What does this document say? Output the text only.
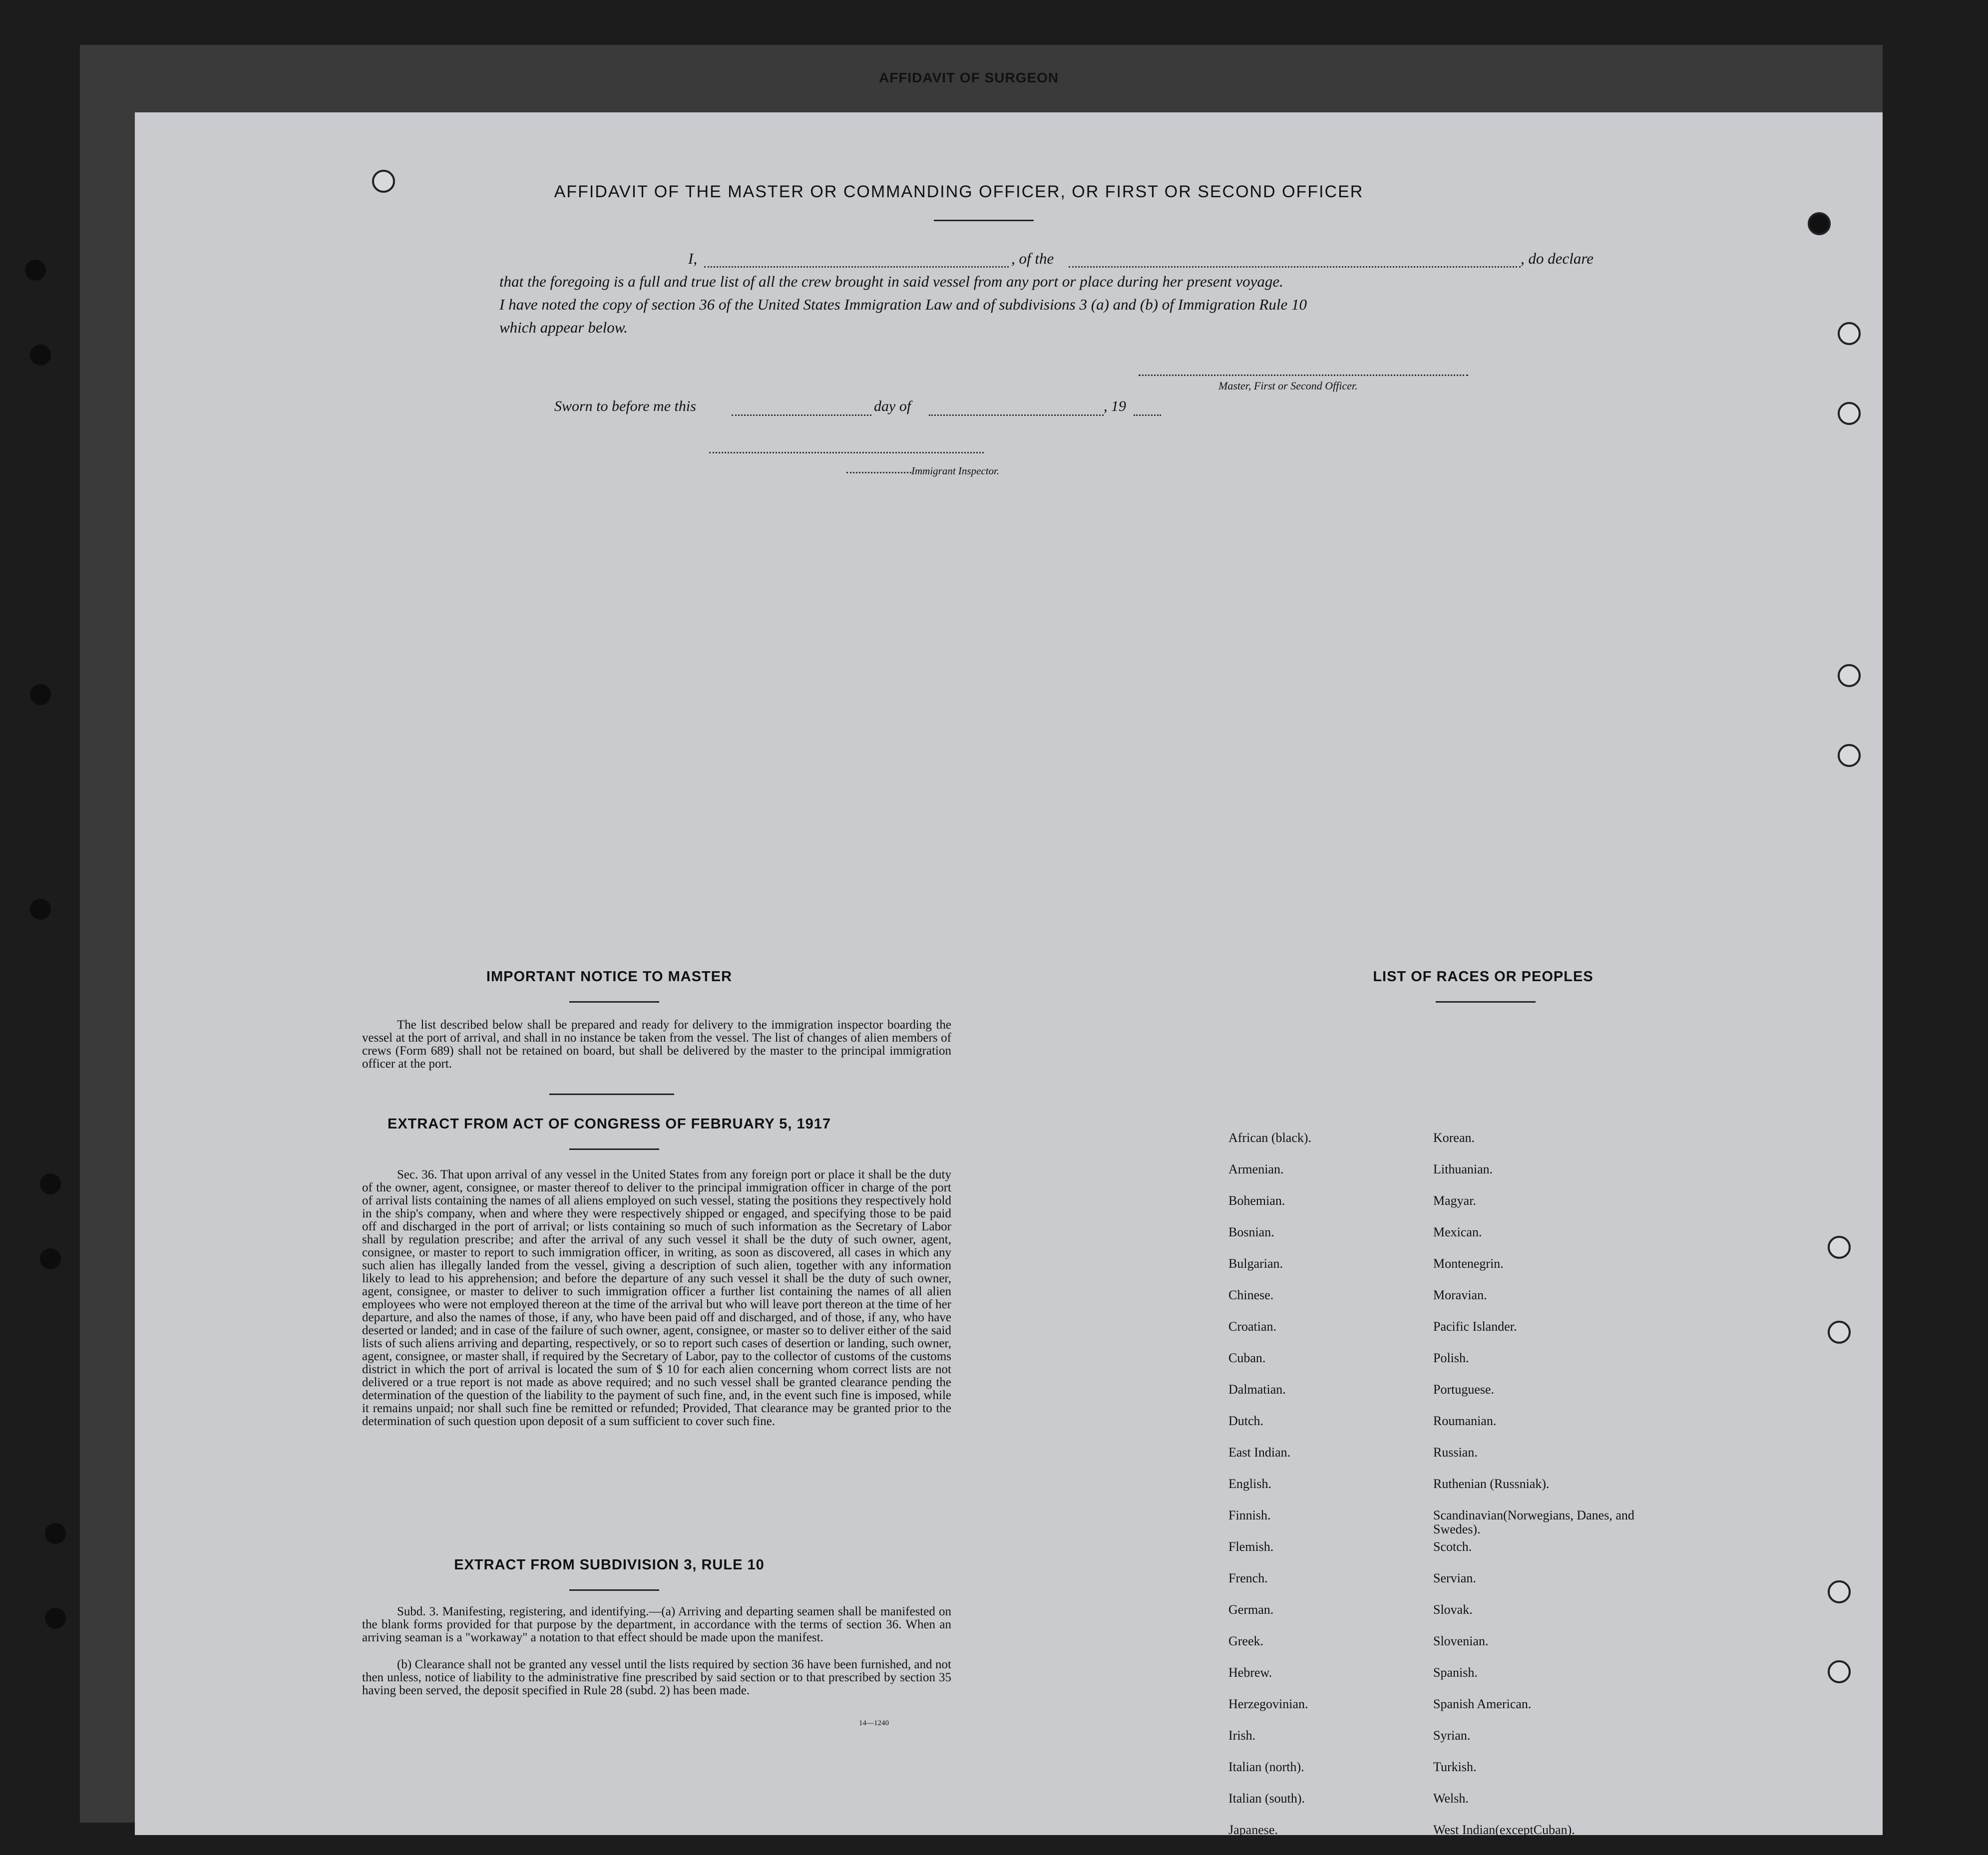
AFFIDAVIT OF SURGEON
AFFIDAVIT OF THE MASTER OR COMMANDING OFFICER, OR FIRST OR SECOND OFFICER
I,	, of the	, do declare
that the foregoing is a full and true list of all the crew brought in said vessel from any port or place during her present voyage.
I have noted the copy of section 36 of the United States Immigration Law and of subdivisions 3 (a) and (b) of Immigration Rule 10
which appear below.
Master, First or Second Officer.
Sworn to before me this	day of	, 19
Immigrant Inspector.
IMPORTANT NOTICE TO MASTER
The list described below shall be prepared and ready for delivery to the immigration inspector boarding the vessel at the port of arrival, and shall in no instance be taken from the vessel. The list of changes of alien members of crews (Form 689) shall not be retained on board, but shall be delivered by the master to the principal immigration officer at the port.
EXTRACT FROM ACT OF CONGRESS OF FEBRUARY 5, 1917
Sec. 36. That upon arrival of any vessel in the United States from any foreign port or place it shall be the duty of the owner, agent, consignee, or master thereof to deliver to the principal immigration officer in charge of the port of arrival lists containing the names of all aliens employed on such vessel, stating the positions they respectively hold in the ship's company, when and where they were respectively shipped or engaged, and specifying those to be paid off and discharged in the port of arrival; or lists containing so much of such information as the Secretary of Labor shall by regulation prescribe; and after the arrival of any such vessel it shall be the duty of such owner, agent, consignee, or master to report to such immigration officer, in writing, as soon as discovered, all cases in which any such alien has illegally landed from the vessel, giving a description of such alien, together with any information likely to lead to his apprehension; and before the departure of any such vessel it shall be the duty of such owner, agent, consignee, or master to deliver to such immigration officer a further list containing the names of all alien employees who were not employed thereon at the time of the arrival but who will leave port thereon at the time of her departure, and also the names of those, if any, who have been paid off and discharged, and of those, if any, who have deserted or landed; and in case of the failure of such owner, agent, consignee, or master so to deliver either of the said lists of such aliens arriving and departing, respectively, or so to report such cases of desertion or landing, such owner, agent, consignee, or master shall, if required by the Secretary of Labor, pay to the collector of customs of the customs district in which the port of arrival is located the sum of $ 10 for each alien concerning whom correct lists are not delivered or a true report is not made as above required; and no such vessel shall be granted clearance pending the determination of the question of the liability to the payment of such fine, and, in the event such fine is imposed, while it remains unpaid; nor shall such fine be remitted or refunded; Provided, That clearance may be granted prior to the determination of such question upon deposit of a sum sufficient to cover such fine.
EXTRACT FROM SUBDIVISION 3, RULE 10
Subd. 3. Manifesting, registering, and identifying.—(a) Arriving and departing seamen shall be manifested on the blank forms provided for that purpose by the department, in accordance with the terms of section 36. When an arriving seaman is a "workaway" a notation to that effect should be made upon the manifest.
(b) Clearance shall not be granted any vessel until the lists required by section 36 have been furnished, and not then unless, notice of liability to the administrative fine prescribed by said section or to that prescribed by section 35 having been served, the deposit specified in Rule 28 (subd. 2) has been made.
14—1240
LIST OF RACES OR PEOPLES
African (black).	Korean.
Armenian.	Lithuanian.
Bohemian.	Magyar.
Bosnian.	Mexican.
Bulgarian.	Montenegrin.
Chinese.	Moravian.
Croatian.	Pacific Islander.
Cuban.	Polish.
Dalmatian.	Portuguese.
Dutch.	Roumanian.
East Indian.	Russian.
English.	Ruthenian (Russniak).
Finnish.	Scandinavian(Norwegians, Danes, and Swedes).
Flemish.	Scotch.
French.	Servian.
German.	Slovak.
Greek.	Slovenian.
Hebrew.	Spanish.
Herzegovinian.	Spanish American.
Irish.	Syrian.
Italian (north).	Turkish.
Italian (south).	Welsh.
Japanese.	West Indian(exceptCuban).
